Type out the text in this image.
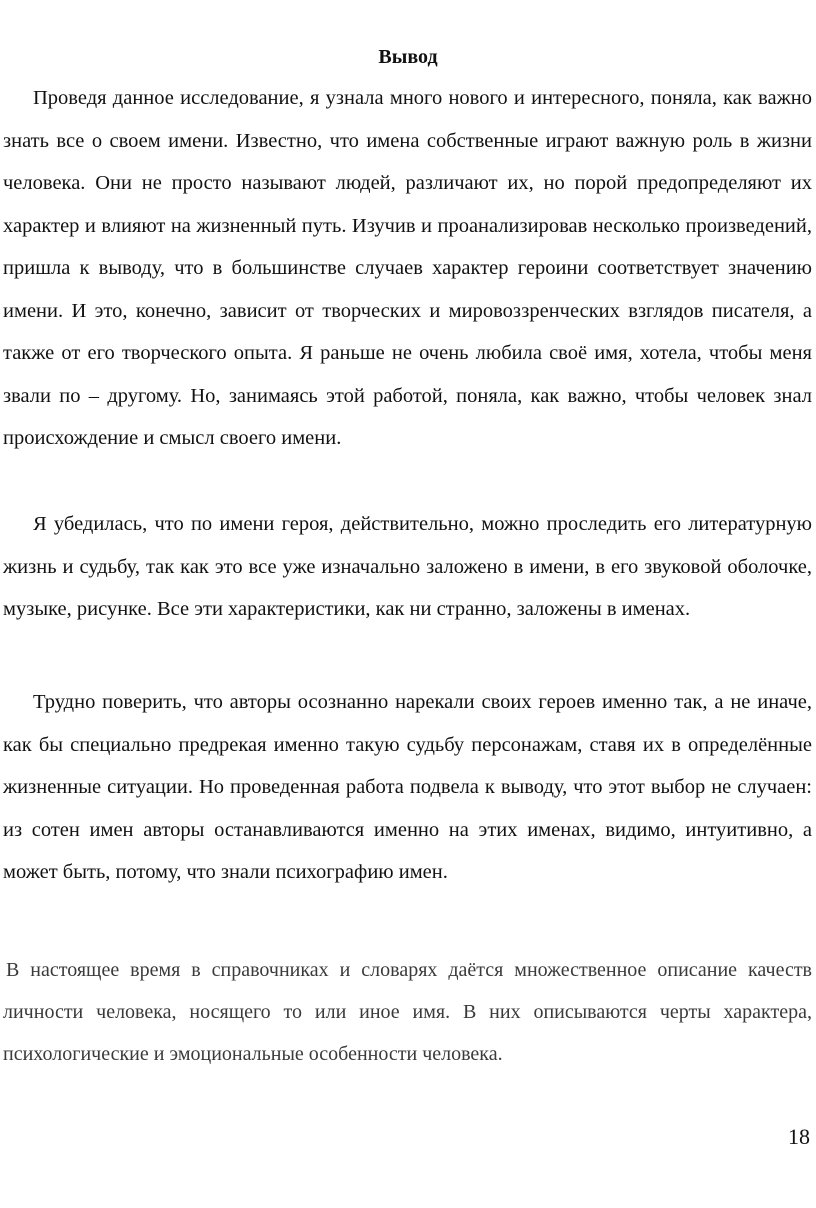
Вывод

Проведя данное исследование, я узнала много нового и интересного, поняла, как важно знать все о своем имени. Известно, что имена собственные играют важную роль в жизни человека. Они не просто называют людей, различают их, но порой предопределяют их характер и влияют на жизненный путь. Изучив и проанализировав несколько произведений, пришла к выводу, что в большинстве случаев характер героини соответствует значению имени. И это, конечно, зависит от творческих и мировоззренческих взглядов писателя, а также от его творческого опыта. Я раньше не очень любила своё имя, хотела, чтобы меня звали по – другому. Но, занимаясь этой работой, поняла, как важно, чтобы человек знал происхождение и смысл своего имени.

Я убедилась, что по имени героя, действительно, можно проследить его литературную жизнь и судьбу, так как это все уже изначально заложено в имени, в его звуковой оболочке, музыке, рисунке. Все эти характеристики, как ни странно, заложены в именах.

Трудно поверить, что авторы осознанно нарекали своих героев именно так, а не иначе, как бы специально предрекая именно такую судьбу персонажам, ставя их в определённые жизненные ситуации. Но проведенная работа подвела к выводу, что этот выбор не случаен: из сотен имен авторы останавливаются именно на этих именах, видимо, интуитивно, а может быть, потому, что знали психографию имен.

В настоящее время в справочниках и словарях даётся множественное описание качеств личности человека, носящего то или иное имя. В них описываются черты характера, психологические и эмоциональные особенности человека.

18
